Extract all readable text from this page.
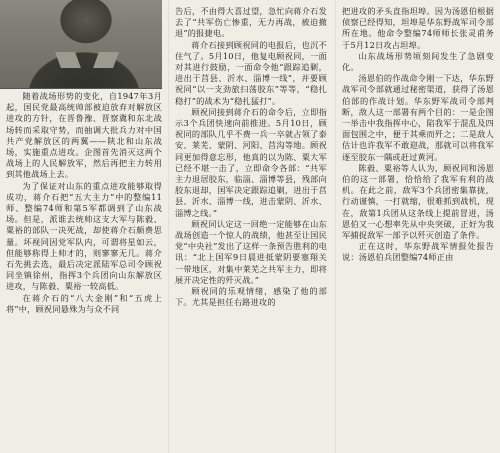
随着战场形势的变化，自1947年3月起，国民党最高统帅部被迫放弃对解放区进攻的方针，在晋鲁豫、晋察冀和东北战场转而采取守势，而抽调大批兵力对中国共产党解放区的两翼——陕北和山东战场，实施重点进攻。企图首先消灭这两个战场上的人民解放军，然后再把主力转用到其他战场上去。

为了保证对山东的重点进攻能够取得成功，蒋介石把“五大主力”中的整编11师、整编74师和第5军都调到了山东战场。但是，派谁去统帅这支大军与陈毅、粟裕的部队一决死战，却使蒋介石颇费思量。坏视同因党军队内，可谓将星如云，但能够称得上帅才的，则寥寥无几。蒋介石先挑去选，最后决定派陆军总司令顾祝同坐镇徐州，指挥3个兵团向山东解放区进攻，与陈毅、粟裕一较高低。

在蒋介石的“八大金刚”和“五虎上将”中，顾祝同悬殊为与众不同

告后，不由得大喜过望，急忙向蒋介石发去了“共军伤亡惨重，无力再战，被迫撤退”的报捷电。

蒋介石接到顾祝同的电报后，也沉不住气了。5月10日，他复电顾祝同，一面对其进行鼓励，一面命令他“跟踪追剿，进出于莒县、沂水、淄博一线”，并要顾祝同“以一支劲旅扫荡胶东”等等，“稳扎稳打”的战术为“稳扎猛打”。

顾祝同接到蒋介石的命令后，立即指示3个兵团快速向前推进。5月10日，顾祝同的部队几乎不费一兵一卒就占领了泰安、莱芜、蒙阴、河阳、莒沟等地。顾祝同更加得意忘形，他真的以为陈、粟大军已经不堪一击了，立即命令各部：“共军主力退居胶东，临淄、淄博等县，残部向胶东退却，国军决定跟踪追剿，进出于莒县、沂水、淄博一线，进击蒙阴、沂水、淄博之线。”

顾祝同认定这一回绝一定能够在山东战场创造一个惊人的战绩，他甚至让国民党“中央社”发出了这样一条预告胜利的电讯：“北上国军9日晨进抵蒙阴要塞翔关一带地区，对集中莱芜之共军主力，即将展开决定性的歼灭战。”

顾祝同的乐观情绪，感染了他的部下。尤其是担任右路进攻的

把进攻的矛头直指坦埠。因为汤恩伯根据侦察已经得知，坦埠是华东野战军司令部所在地。他命令整编74师师长张灵甫务于5月12日攻占坦埠。

山东战场形势顷刻间发生了急剧变化。

汤恩伯的作战命令刚一下达，华东野战军司令部就通过秘密渠道，获得了汤恩伯部的作战计划。华东野军战司令部判断，敌人这一部署有两个目的：一是企图一举击中我指挥中心，陷我军于混乱及四面包围之中，便于其乘而歼之；二是敌人估计也许我军不敢迎战，那就可以将我军逐至胶东一隅或赶过黄河。

陈毅、粟裕等人认为，顾祝同和汤恩伯的这一部署，恰恰给了我军有利的战机。在此之前，敌军3个兵团密集靠拢，行动谨慎，一打就缩，很难抓到战机，现在，敌第1兵团从这条线上提前冒进，汤恩伯又一心想率先从中央突破，正好为我军捕捉敌军一部予以歼灭创造了条件。

正在这时，华东野战军情报处报告说：汤恩伯兵团整编74师正由
